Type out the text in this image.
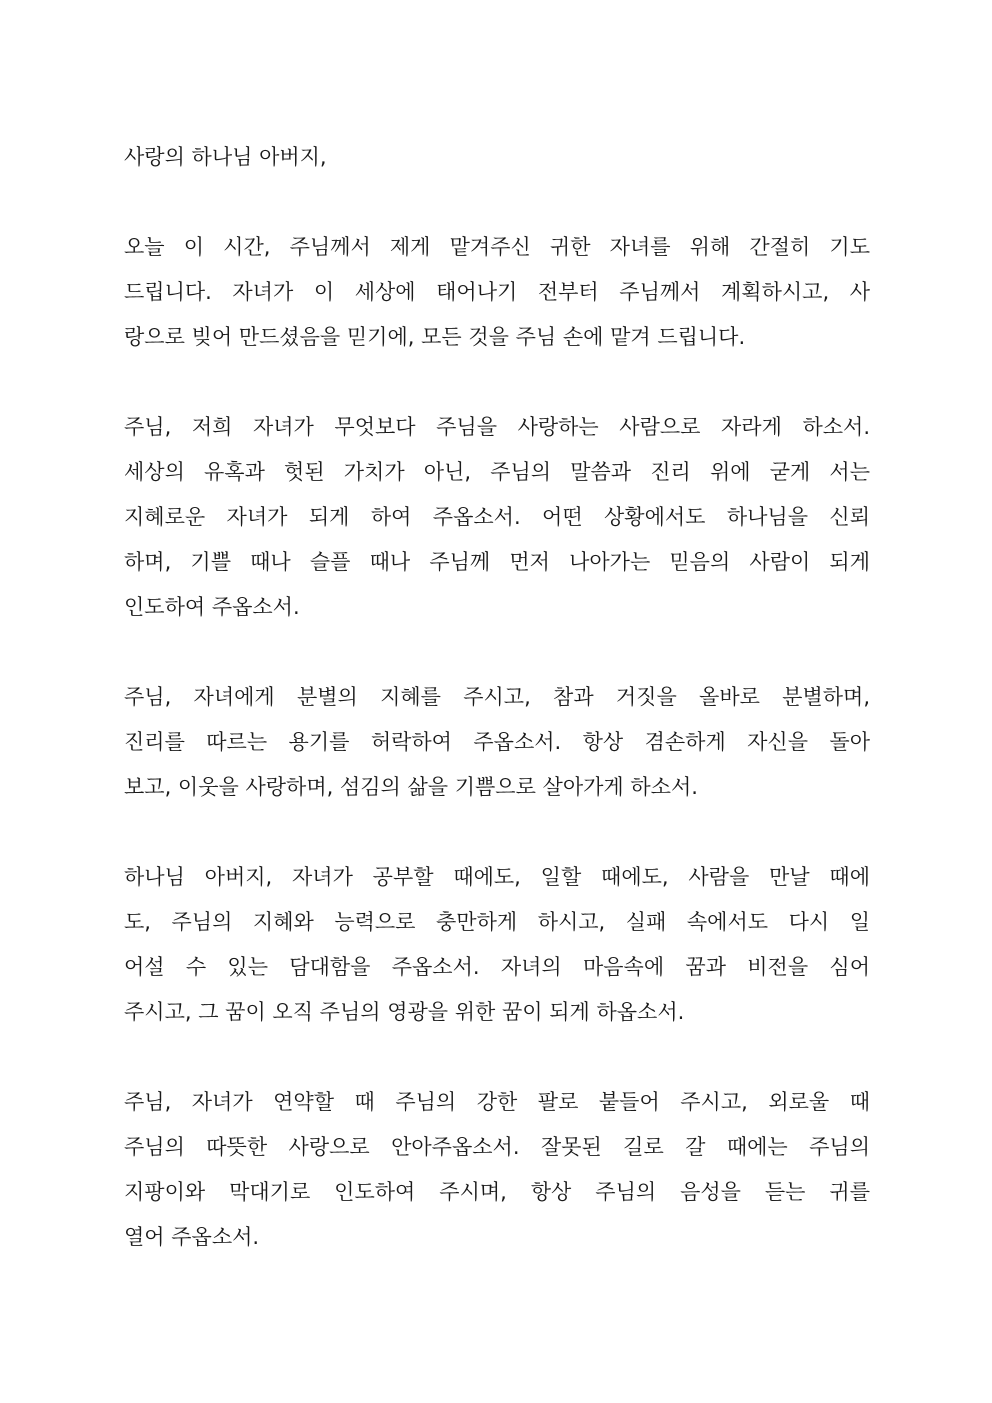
사랑의 하나님 아버지,
오늘 이 시간, 주님께서 제게 맡겨주신 귀한 자녀를 위해 간절히 기도
드립니다. 자녀가 이 세상에 태어나기 전부터 주님께서 계획하시고, 사
랑으로 빚어 만드셨음을 믿기에, 모든 것을 주님 손에 맡겨 드립니다.
주님, 저희 자녀가 무엇보다 주님을 사랑하는 사람으로 자라게 하소서.
세상의 유혹과 헛된 가치가 아닌, 주님의 말씀과 진리 위에 굳게 서는
지혜로운 자녀가 되게 하여 주옵소서. 어떤 상황에서도 하나님을 신뢰
하며, 기쁠 때나 슬플 때나 주님께 먼저 나아가는 믿음의 사람이 되게
인도하여 주옵소서.
주님, 자녀에게 분별의 지혜를 주시고, 참과 거짓을 올바로 분별하며,
진리를 따르는 용기를 허락하여 주옵소서. 항상 겸손하게 자신을 돌아
보고, 이웃을 사랑하며, 섬김의 삶을 기쁨으로 살아가게 하소서.
하나님 아버지, 자녀가 공부할 때에도, 일할 때에도, 사람을 만날 때에
도, 주님의 지혜와 능력으로 충만하게 하시고, 실패 속에서도 다시 일
어설 수 있는 담대함을 주옵소서. 자녀의 마음속에 꿈과 비전을 심어
주시고, 그 꿈이 오직 주님의 영광을 위한 꿈이 되게 하옵소서.
주님, 자녀가 연약할 때 주님의 강한 팔로 붙들어 주시고, 외로울 때
주님의 따뜻한 사랑으로 안아주옵소서. 잘못된 길로 갈 때에는 주님의
지팡이와 막대기로 인도하여 주시며, 항상 주님의 음성을 듣는 귀를
열어 주옵소서.
